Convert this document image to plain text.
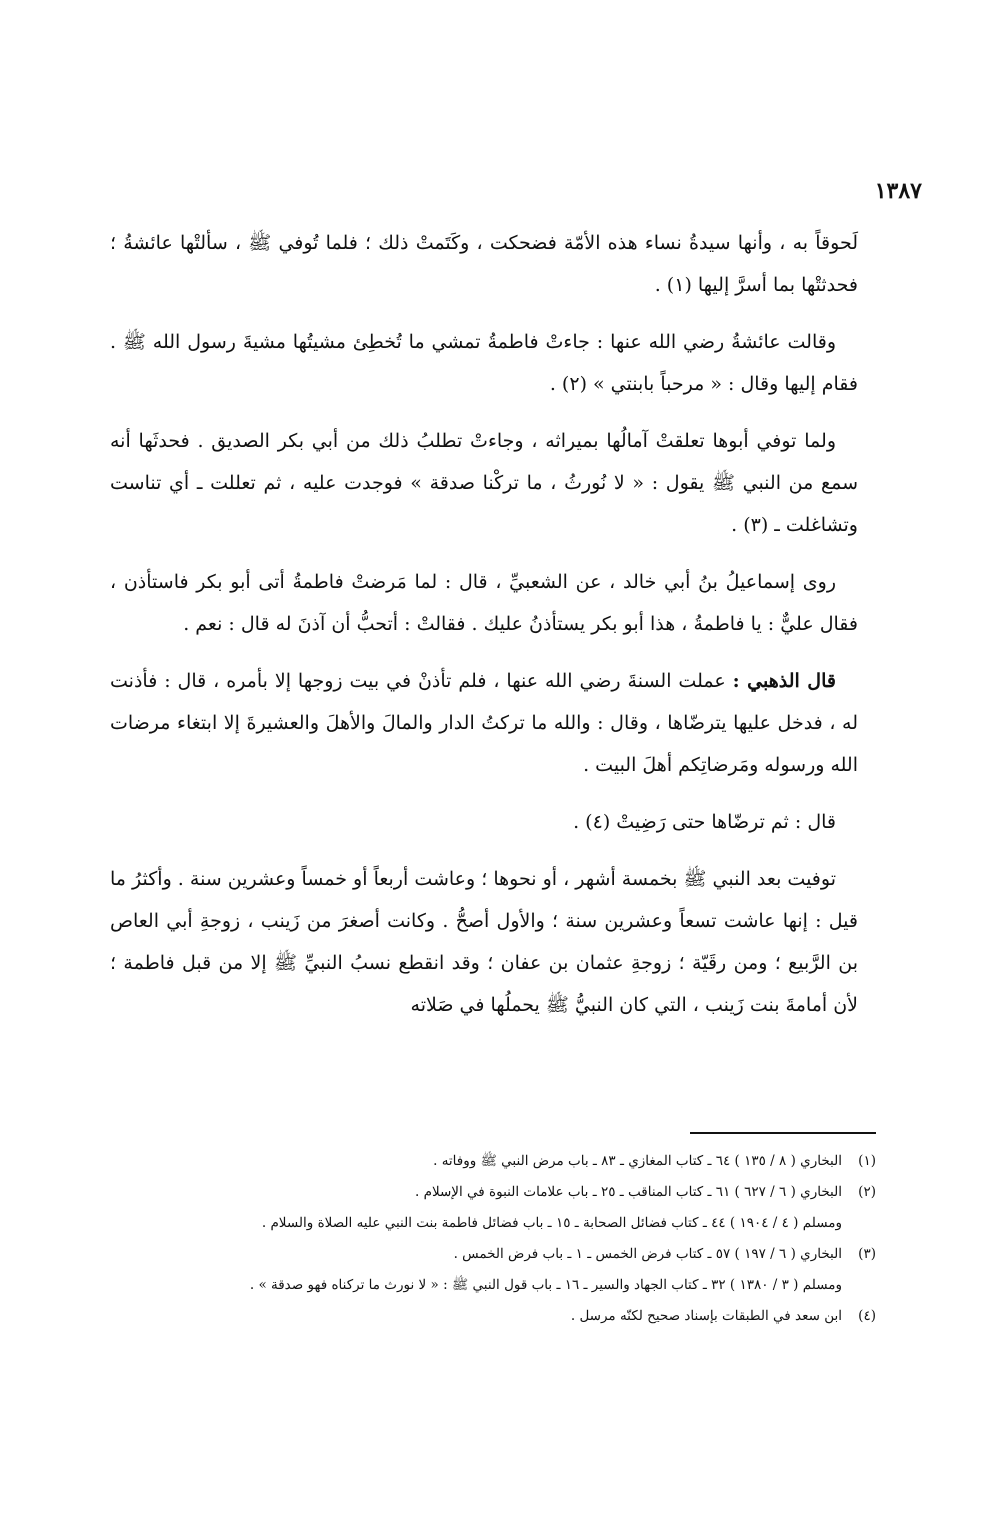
١٣٨٧

لَحوقاً به ، وأنها سيدةُ نساء هذه الأمّة فضحكت ، وكَتَمتْ ذلك ؛ فلما تُوفي ﷺ ، سألتْها عائشةُ ؛ فحدثتْها بما أسرَّ إليها (١) .

وقالت عائشةُ رضي الله عنها : جاءتْ فاطمةُ تمشي ما تُخطِئ مشيتُها مشيةَ رسول الله ﷺ . فقام إليها وقال : « مرحباً بابنتي » (٢) .

ولما توفي أبوها تعلقتْ آمالُها بميراثه ، وجاءتْ تطلبُ ذلك من أبي بكر الصديق . فحدثَها أنه سمع من النبي ﷺ يقول : « لا نُورثُ ، ما تركْنا صدقة » فوجدت عليه ، ثم تعللت ـ أي تناست وتشاغلت ـ (٣) .

روى إسماعيلُ بنُ أبي خالد ، عن الشعبيِّ ، قال : لما مَرضتْ فاطمةُ أتى أبو بكر فاستأذن ، فقال عليٌّ : يا فاطمةُ ، هذا أبو بكر يستأذنُ عليك . فقالتْ : أتحبُّ أن آذنَ له قال : نعم .

قال الذهبي : عملت السنةَ رضي الله عنها ، فلم تأذنْ في بيت زوجها إلا بأمره ، قال : فأذنت له ، فدخل عليها يترضّاها ، وقال : والله ما تركتُ الدار والمالَ والأهلَ والعشيرةَ إلا ابتغاء مرضات الله ورسوله ومَرضاتِكم أهلَ البيت .

قال : ثم ترضّاها حتى رَضِيتْ (٤) .

توفيت بعد النبي ﷺ بخمسة أشهر ، أو نحوها ؛ وعاشت أربعاً أو خمساً وعشرين سنة . وأكثرُ ما قيل : إنها عاشت تسعاً وعشرين سنة ؛ والأول أصحُّ . وكانت أصغرَ من زَينب ، زوجةِ أبي العاص بن الرَّبيع ؛ ومن رقَيّة ؛ زوجةِ عثمان بن عفان ؛ وقد انقطع نسبُ النبيِّ ﷺ إلا من قبل فاطمة ؛ لأن أمامةَ بنت زَينب ، التي كان النبيُّ ﷺ يحملُها في صَلاته

(١)
البخاري ( ٨ / ١٣٥ ) ٦٤ ـ كتاب المغازي ـ ٨٣ ـ باب مرض النبي ﷺ ووفاته .
(٢)
البخاري ( ٦ / ٦٢٧ ) ٦١ ـ كتاب المناقب ـ ٢٥ ـ باب علامات النبوة في الإسلام .
ومسلم ( ٤ / ١٩٠٤ ) ٤٤ ـ كتاب فضائل الصحابة ـ ١٥ ـ باب فضائل فاطمة بنت النبي عليه الصلاة والسلام .
(٣)
البخاري ( ٦ / ١٩٧ ) ٥٧ ـ كتاب فرض الخمس ـ ١ ـ باب فرض الخمس .
ومسلم ( ٣ / ١٣٨٠ ) ٣٢ ـ كتاب الجهاد والسير ـ ١٦ ـ باب قول النبي ﷺ : « لا نورث ما تركناه فهو صدقة » .
(٤)
ابن سعد في الطبقات بإسناد صحيح لكنّه مرسل .
